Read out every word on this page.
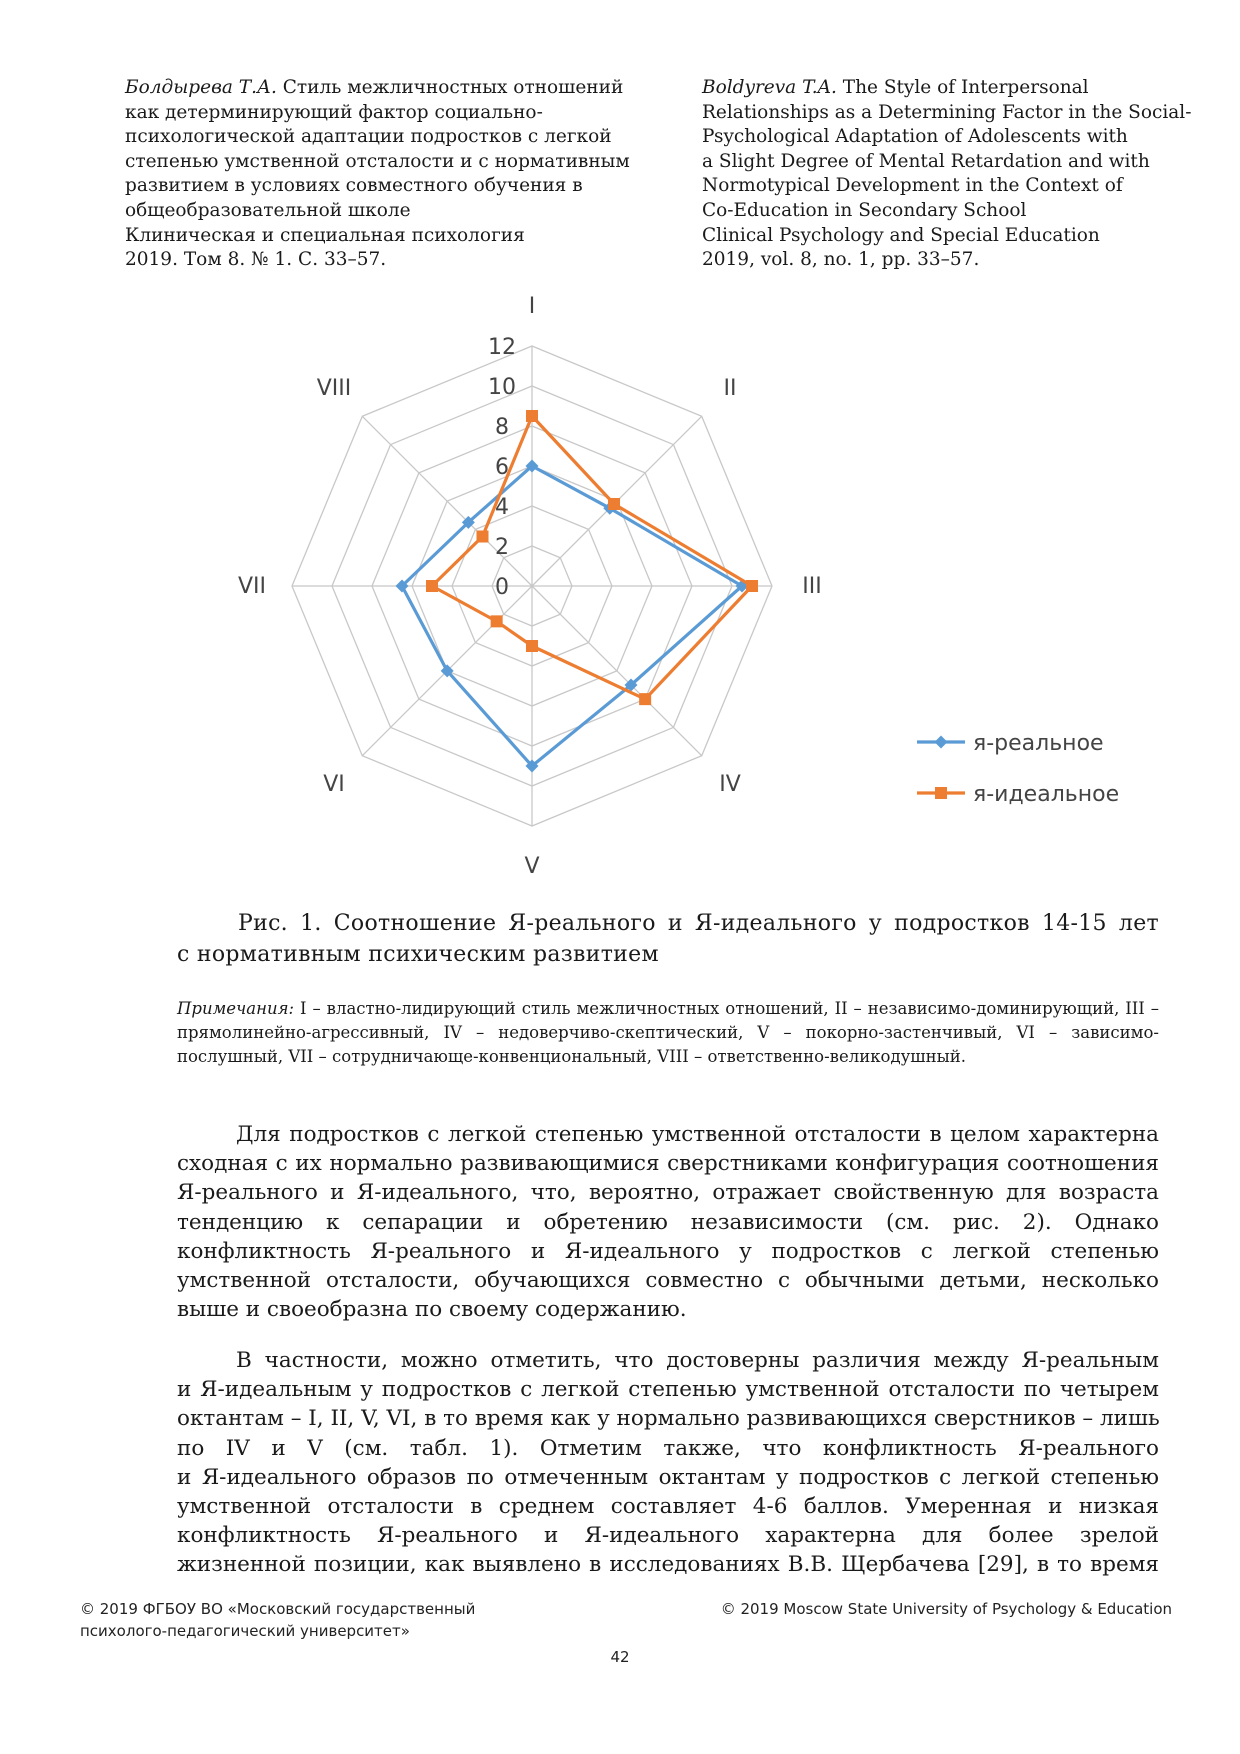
Болдырева Т.А. Стиль межличностных отношений
как детерминирующий фактор социально-
психологической адаптации подростков с легкой
степенью умственной отсталости и с нормативным
развитием в условиях совместного обучения в
общеобразовательной школе
Клиническая и специальная психология
2019. Том 8. № 1. С. 33–57.
Boldyreva T.A. The Style of Interpersonal
Relationships as a Determining Factor in the Social-
Psychological Adaptation of Adolescents with
a Slight Degree of Mental Retardation and with
Normotypical Development in the Context of
Co-Education in Secondary School
Clinical Psychology and Special Education
2019, vol. 8, no. 1, pp. 33–57.
I
II
III
IV
V
VI
VII
VIII
0
2
4
6
8
10
12
я-реальное
я-идеальное
Рис. 1. Соотношение Я-реального и Я-идеального у подростков 14-15 лет
с нормативным психическим развитием
Примечания: I – властно-лидирующий стиль межличностных отношений, II – независимо-доминирующий, III – прямолинейно-агрессивный, IV – недоверчиво-скептический, V – покорно-застенчивый, VI – зависимо-послушный, VII – сотрудничающе-конвенциональный, VIII – ответственно-великодушный.
Для подростков с легкой степенью умственной отсталости в целом характерна
сходная с их нормально развивающимися сверстниками конфигурация соотношения
Я-реального и Я-идеального, что, вероятно, отражает свойственную для возраста
тенденцию к сепарации и обретению независимости (см. рис. 2). Однако
конфликтность Я-реального и Я-идеального у подростков с легкой степенью
умственной отсталости, обучающихся совместно с обычными детьми, несколько
выше и своеобразна по своему содержанию.
В частности, можно отметить, что достоверны различия между Я-реальным
и Я-идеальным у подростков с легкой степенью умственной отсталости по четырем
октантам – I, II, V, VI, в то время как у нормально развивающихся сверстников – лишь
по IV и V (см. табл. 1). Отметим также, что конфликтность Я-реального
и Я-идеального образов по отмеченным октантам у подростков с легкой степенью
умственной отсталости в среднем составляет 4-6 баллов. Умеренная и низкая
конфликтность Я-реального и Я-идеального характерна для более зрелой
жизненной позиции, как выявлено в исследованиях В.В. Щербачева [29], в то время
© 2019 ФГБОУ ВО «Московский государственный
психолого-педагогический университет»
© 2019 Moscow State University of Psychology & Education
42
